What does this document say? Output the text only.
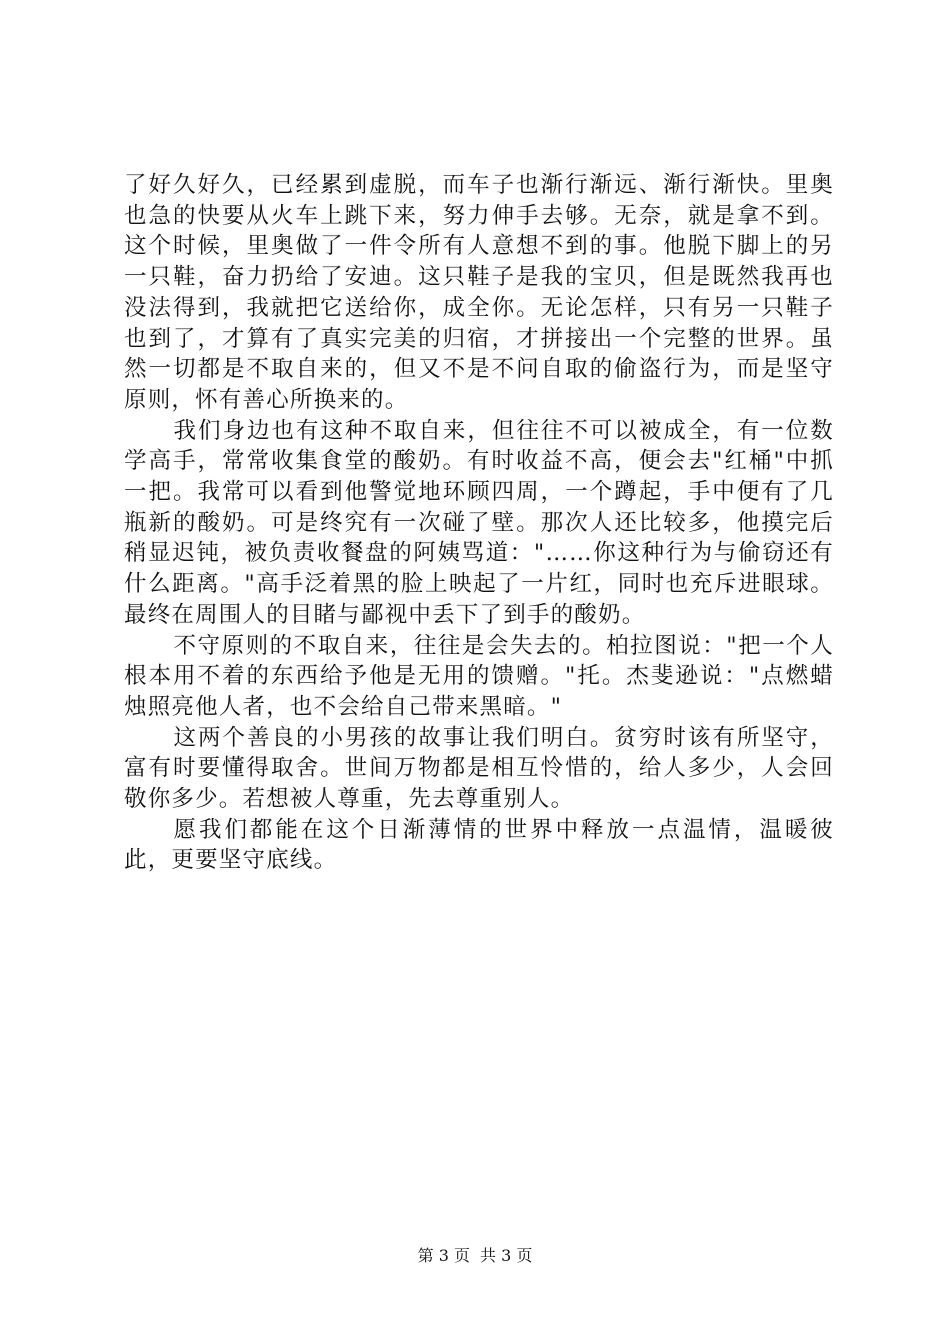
了好久好久，已经累到虚脱，而车子也渐行渐远、渐行渐快。里奥也急的快要从火车上跳下来，努力伸手去够。无奈，就是拿不到。这个时候，里奥做了一件令所有人意想不到的事。他脱下脚上的另一只鞋，奋力扔给了安迪。这只鞋子是我的宝贝，但是既然我再也没法得到，我就把它送给你，成全你。无论怎样，只有另一只鞋子也到了，才算有了真实完美的归宿，才拼接出一个完整的世界。虽然一切都是不取自来的，但又不是不问自取的偷盗行为，而是坚守原则，怀有善心所换来的。

我们身边也有这种不取自来，但往往不可以被成全，有一位数学高手，常常收集食堂的酸奶。有时收益不高，便会去"红桶"中抓一把。我常可以看到他警觉地环顾四周，一个蹲起，手中便有了几瓶新的酸奶。可是终究有一次碰了壁。那次人还比较多，他摸完后稍显迟钝，被负责收餐盘的阿姨骂道："……你这种行为与偷窃还有什么距离。"高手泛着黑的脸上映起了一片红，同时也充斥进眼球。最终在周围人的目睹与鄙视中丢下了到手的酸奶。

不守原则的不取自来，往往是会失去的。柏拉图说："把一个人根本用不着的东西给予他是无用的馈赠。"托。杰斐逊说："点燃蜡烛照亮他人者，也不会给自己带来黑暗。"

这两个善良的小男孩的故事让我们明白。贫穷时该有所坚守，富有时要懂得取舍。世间万物都是相互怜惜的，给人多少，人会回敬你多少。若想被人尊重，先去尊重别人。

愿我们都能在这个日渐薄情的世界中释放一点温情，温暖彼此，更要坚守底线。

第 3 页 共 3 页
